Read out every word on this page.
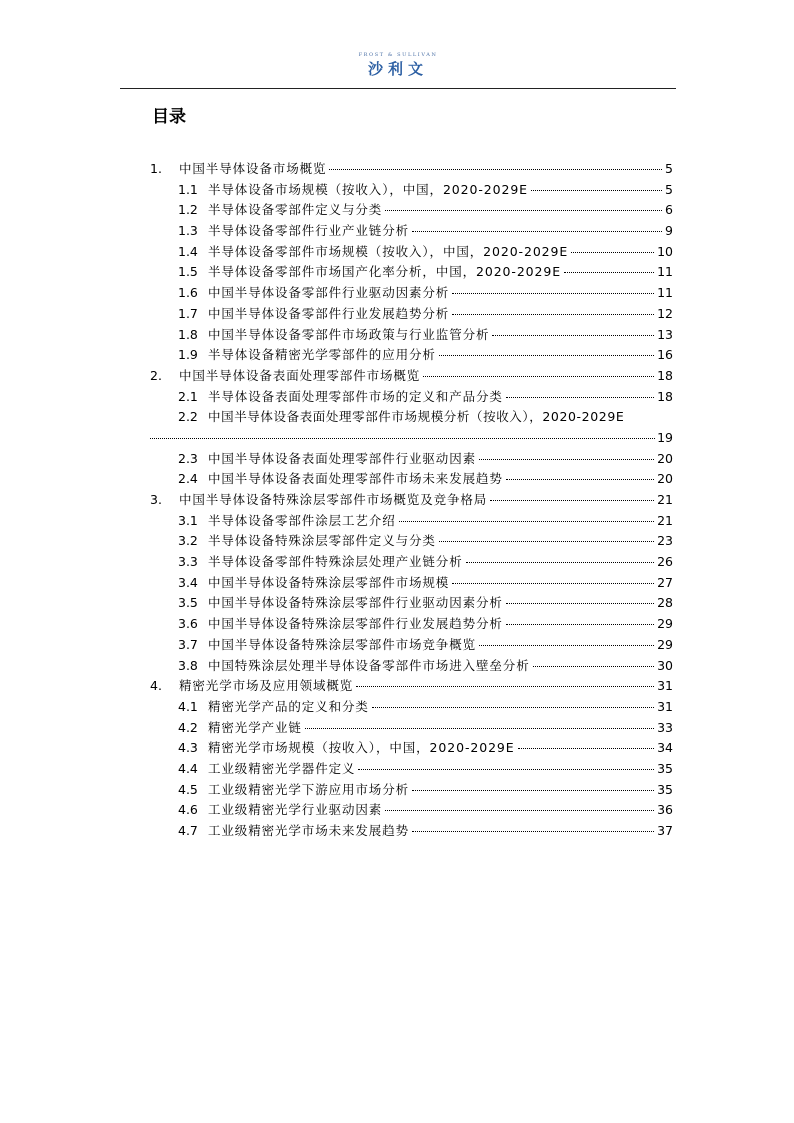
FROST & SULLIVAN
沙利文
目录
1. 中国半导体设备市场概览	5
1.1 半导体设备市场规模（按收入），中国，2020-2029E	5
1.2 半导体设备零部件定义与分类	6
1.3 半导体设备零部件行业产业链分析	9
1.4 半导体设备零部件市场规模（按收入），中国，2020-2029E	10
1.5 半导体设备零部件市场国产化率分析，中国，2020-2029E	11
1.6 中国半导体设备零部件行业驱动因素分析	11
1.7 中国半导体设备零部件行业发展趋势分析	12
1.8 中国半导体设备零部件市场政策与行业监管分析	13
1.9 半导体设备精密光学零部件的应用分析	16
2. 中国半导体设备表面处理零部件市场概览	18
2.1 半导体设备表面处理零部件市场的定义和产品分类	18
2.2 中国半导体设备表面处理零部件市场规模分析（按收入），2020-2029E
19
2.3 中国半导体设备表面处理零部件行业驱动因素	20
2.4 中国半导体设备表面处理零部件市场未来发展趋势	20
3. 中国半导体设备特殊涂层零部件市场概览及竞争格局	21
3.1 半导体设备零部件涂层工艺介绍	21
3.2 半导体设备特殊涂层零部件定义与分类	23
3.3 半导体设备零部件特殊涂层处理产业链分析	26
3.4 中国半导体设备特殊涂层零部件市场规模	27
3.5 中国半导体设备特殊涂层零部件行业驱动因素分析	28
3.6 中国半导体设备特殊涂层零部件行业发展趋势分析	29
3.7 中国半导体设备特殊涂层零部件市场竞争概览	29
3.8 中国特殊涂层处理半导体设备零部件市场进入壁垒分析	30
4. 精密光学市场及应用领域概览	31
4.1 精密光学产品的定义和分类	31
4.2 精密光学产业链	33
4.3 精密光学市场规模（按收入），中国，2020-2029E	34
4.4 工业级精密光学器件定义	35
4.5 工业级精密光学下游应用市场分析	35
4.6 工业级精密光学行业驱动因素	36
4.7 工业级精密光学市场未来发展趋势	37
